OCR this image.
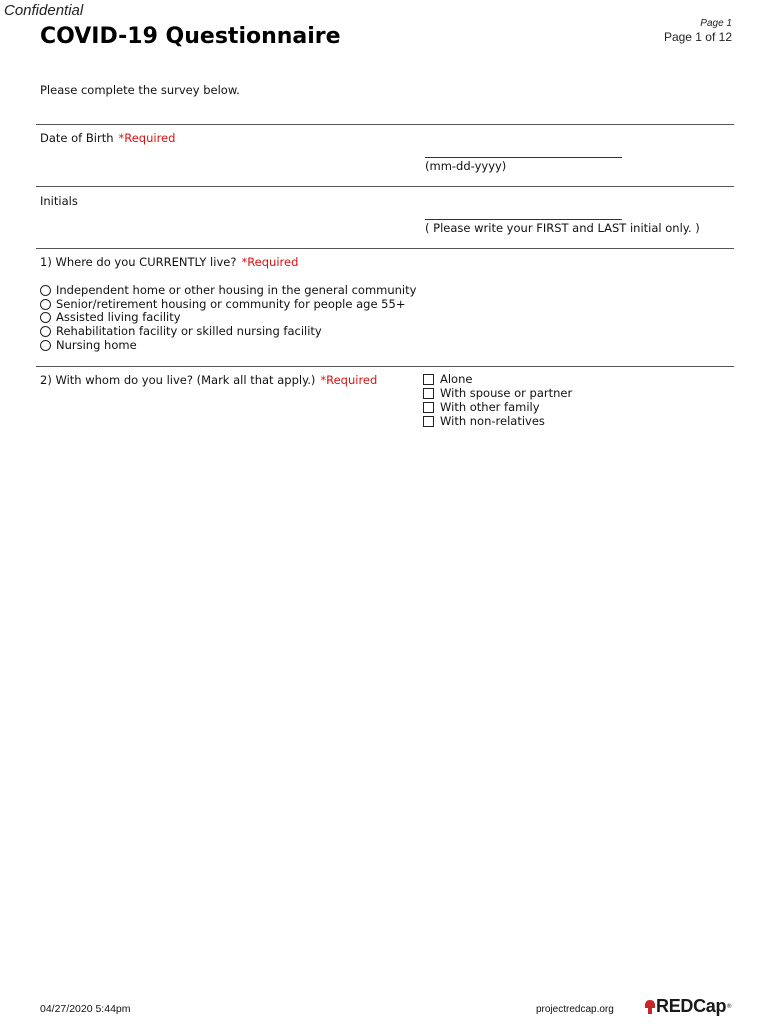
Confidential
COVID-19 Questionnaire
Page 1
Page 1 of 12
Please complete the survey below.
Date of Birth *Required
(mm-dd-yyyy)
Initials
( Please write your FIRST and LAST initial only. )
1) Where do you CURRENTLY live? *Required
Independent home or other housing in the general community
Senior/retirement housing or community for people age 55+
Assisted living facility
Rehabilitation facility or skilled nursing facility
Nursing home
2) With whom do you live? (Mark all that apply.) *Required	Alone
With spouse or partner
With other family
With non-relatives
04/27/2020 5:44pm	projectredcap.org REDCap ®
